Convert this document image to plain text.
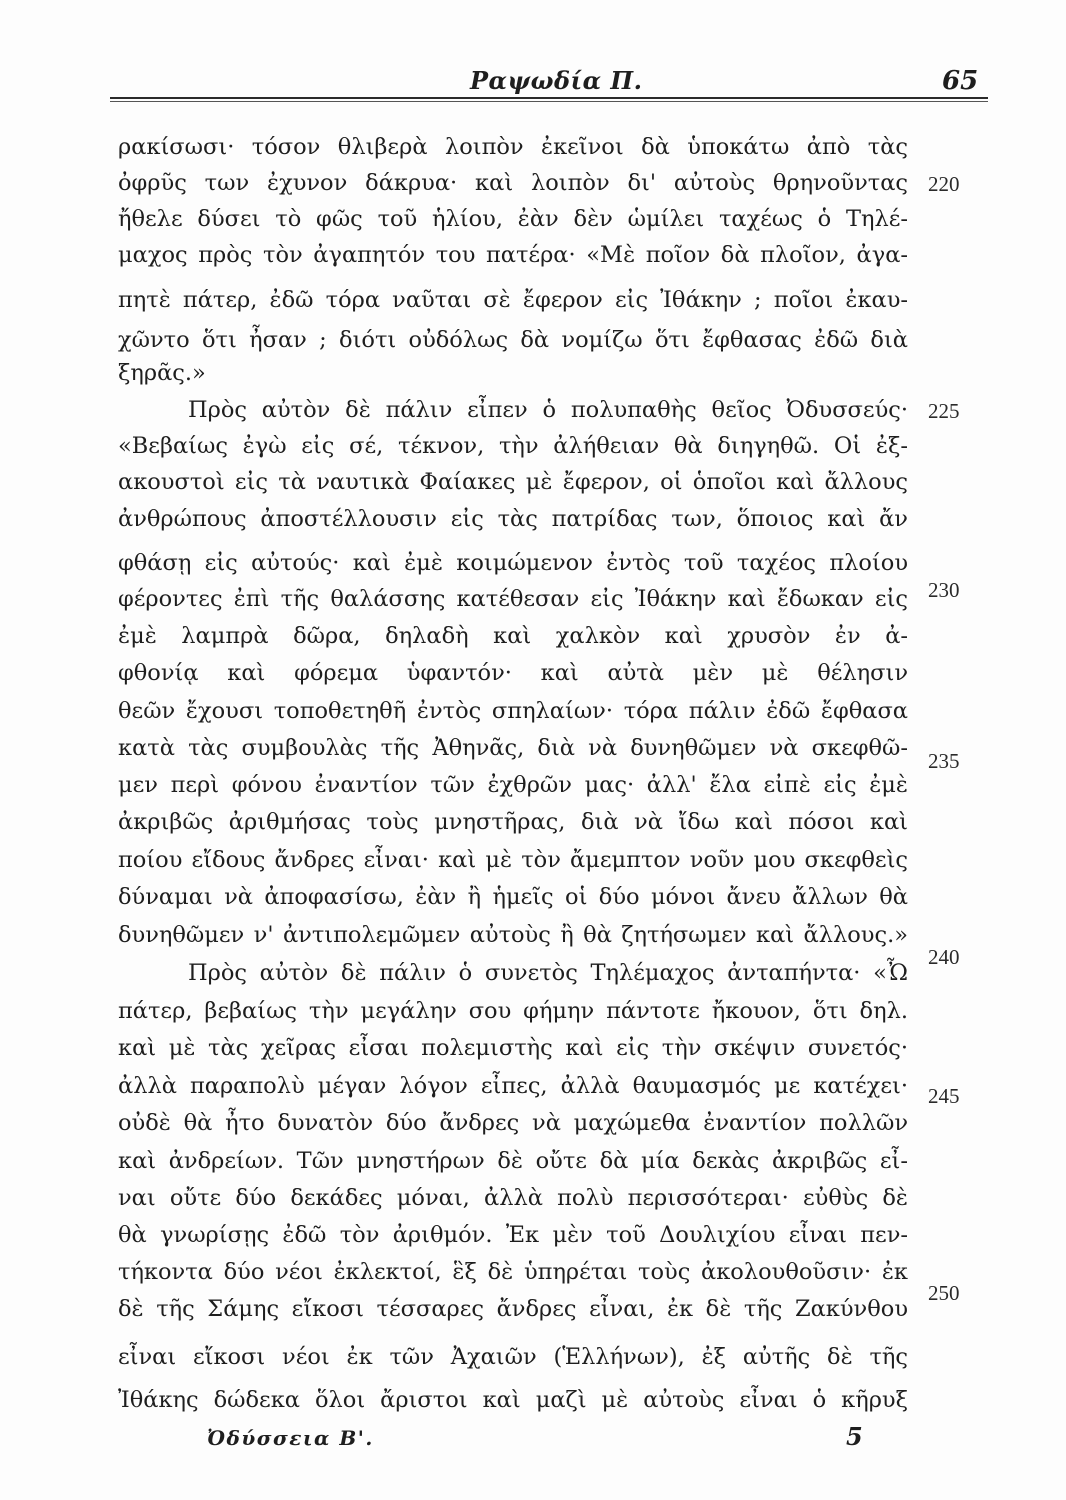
Ραψωδία Π.	65
ρακίσωσι· τόσον θλιβερὰ λοιπὸν ἐκεῖνοι δὰ ὑποκάτω ἀπὸ τὰς
ὀφρῦς των ἐχυνον δάκρυα· καὶ λοιπὸν δι' αὐτοὺς θρηνοῦντας
ἤθελε δύσει τὸ φῶς τοῦ ἡλίου, ἐὰν δὲν ὡμίλει ταχέως ὁ Τηλέ-
μαχος πρὸς τὸν ἀγαπητόν του πατέρα· «Μὲ ποῖον δὰ πλοῖον, ἀγα-
πητὲ πάτερ, ἐδῶ τόρα ναῦται σὲ ἔφερον εἰς Ἰθάκην ; ποῖοι ἐκαυ-
χῶντο ὅτι ἦσαν ; διότι οὐδόλως δὰ νομίζω ὅτι ἔφθασας ἐδῶ διὰ
ξηρᾶς.»
Πρὸς αὐτὸν δὲ πάλιν εἶπεν ὁ πολυπαθὴς θεῖος Ὀδυσσεύς·
«Βεβαίως ἐγὼ εἰς σέ, τέκνον, τὴν ἀλήθειαν θὰ διηγηθῶ. Οἱ ἐξ-
ακουστοὶ εἰς τὰ ναυτικὰ Φαίακες μὲ ἔφερον, οἱ ὁποῖοι καὶ ἄλλους
ἀνθρώπους ἀποστέλλουσιν εἰς τὰς πατρίδας των, ὅποιος καὶ ἄν
φθάσῃ εἰς αὐτούς· καὶ ἐμὲ κοιμώμενον ἐντὸς τοῦ ταχέος πλοίου
φέροντες ἐπὶ τῆς θαλάσσης κατέθεσαν εἰς Ἰθάκην καὶ ἔδωκαν εἰς
ἐμὲ λαμπρὰ δῶρα, δηλαδὴ καὶ χαλκὸν καὶ χρυσὸν ἐν ἀ-
φθονίᾳ καὶ φόρεμα ὑφαντόν· καὶ αὐτὰ μὲν μὲ θέλησιν
θεῶν ἔχουσι τοποθετηθῆ ἐντὸς σπηλαίων· τόρα πάλιν ἐδῶ ἔφθασα
κατὰ τὰς συμβουλὰς τῆς Ἀθηνᾶς, διὰ νὰ δυνηθῶμεν νὰ σκεφθῶ-
μεν περὶ φόνου ἐναντίον τῶν ἐχθρῶν μας· ἀλλ' ἔλα εἰπὲ εἰς ἐμὲ
ἀκριβῶς ἀριθμήσας τοὺς μνηστῆρας, διὰ νὰ ἴδω καὶ πόσοι καὶ
ποίου εἴδους ἄνδρες εἶναι· καὶ μὲ τὸν ἄμεμπτον νοῦν μου σκεφθεὶς
δύναμαι νὰ ἀποφασίσω, ἐὰν ἢ ἡμεῖς οἱ δύο μόνοι ἄνευ ἄλλων θὰ
δυνηθῶμεν ν' ἀντιπολεμῶμεν αὐτοὺς ἢ θὰ ζητήσωμεν καὶ ἄλλους.»
Πρὸς αὐτὸν δὲ πάλιν ὁ συνετὸς Τηλέμαχος ἀνταπήντα· «Ὦ
πάτερ, βεβαίως τὴν μεγάλην σου φήμην πάντοτε ἤκουον, ὅτι δηλ.
καὶ μὲ τὰς χεῖρας εἶσαι πολεμιστὴς καὶ εἰς τὴν σκέψιν συνετός·
ἀλλὰ παραπολὺ μέγαν λόγον εἶπες, ἀλλὰ θαυμασμός με κατέχει·
οὐδὲ θὰ ἦτο δυνατὸν δύο ἄνδρες νὰ μαχώμεθα ἐναντίον πολλῶν
καὶ ἀνδρείων. Τῶν μνηστήρων δὲ οὔτε δὰ μία δεκὰς ἀκριβῶς εἶ-
ναι οὔτε δύο δεκάδες μόναι, ἀλλὰ πολὺ περισσότεραι· εὐθὺς δὲ
θὰ γνωρίσῃς ἐδῶ τὸν ἀριθμόν. Ἐκ μὲν τοῦ Δουλιχίου εἶναι πεν-
τήκοντα δύο νέοι ἐκλεκτοί, ἓξ δὲ ὑπηρέται τοὺς ἀκολουθοῦσιν· ἐκ
δὲ τῆς Σάμης εἴκοσι τέσσαρες ἄνδρες εἶναι, ἐκ δὲ τῆς Ζακύνθου
εἶναι εἴκοσι νέοι ἐκ τῶν Ἀχαιῶν (Ἑλλήνων), ἐξ αὐτῆς δὲ τῆς
Ἰθάκης δώδεκα ὅλοι ἄριστοι καὶ μαζὶ μὲ αὐτοὺς εἶναι ὁ κῆρυξ
220
225
230
235
240
245
250
Ὀδύσσεια Β'.	5
